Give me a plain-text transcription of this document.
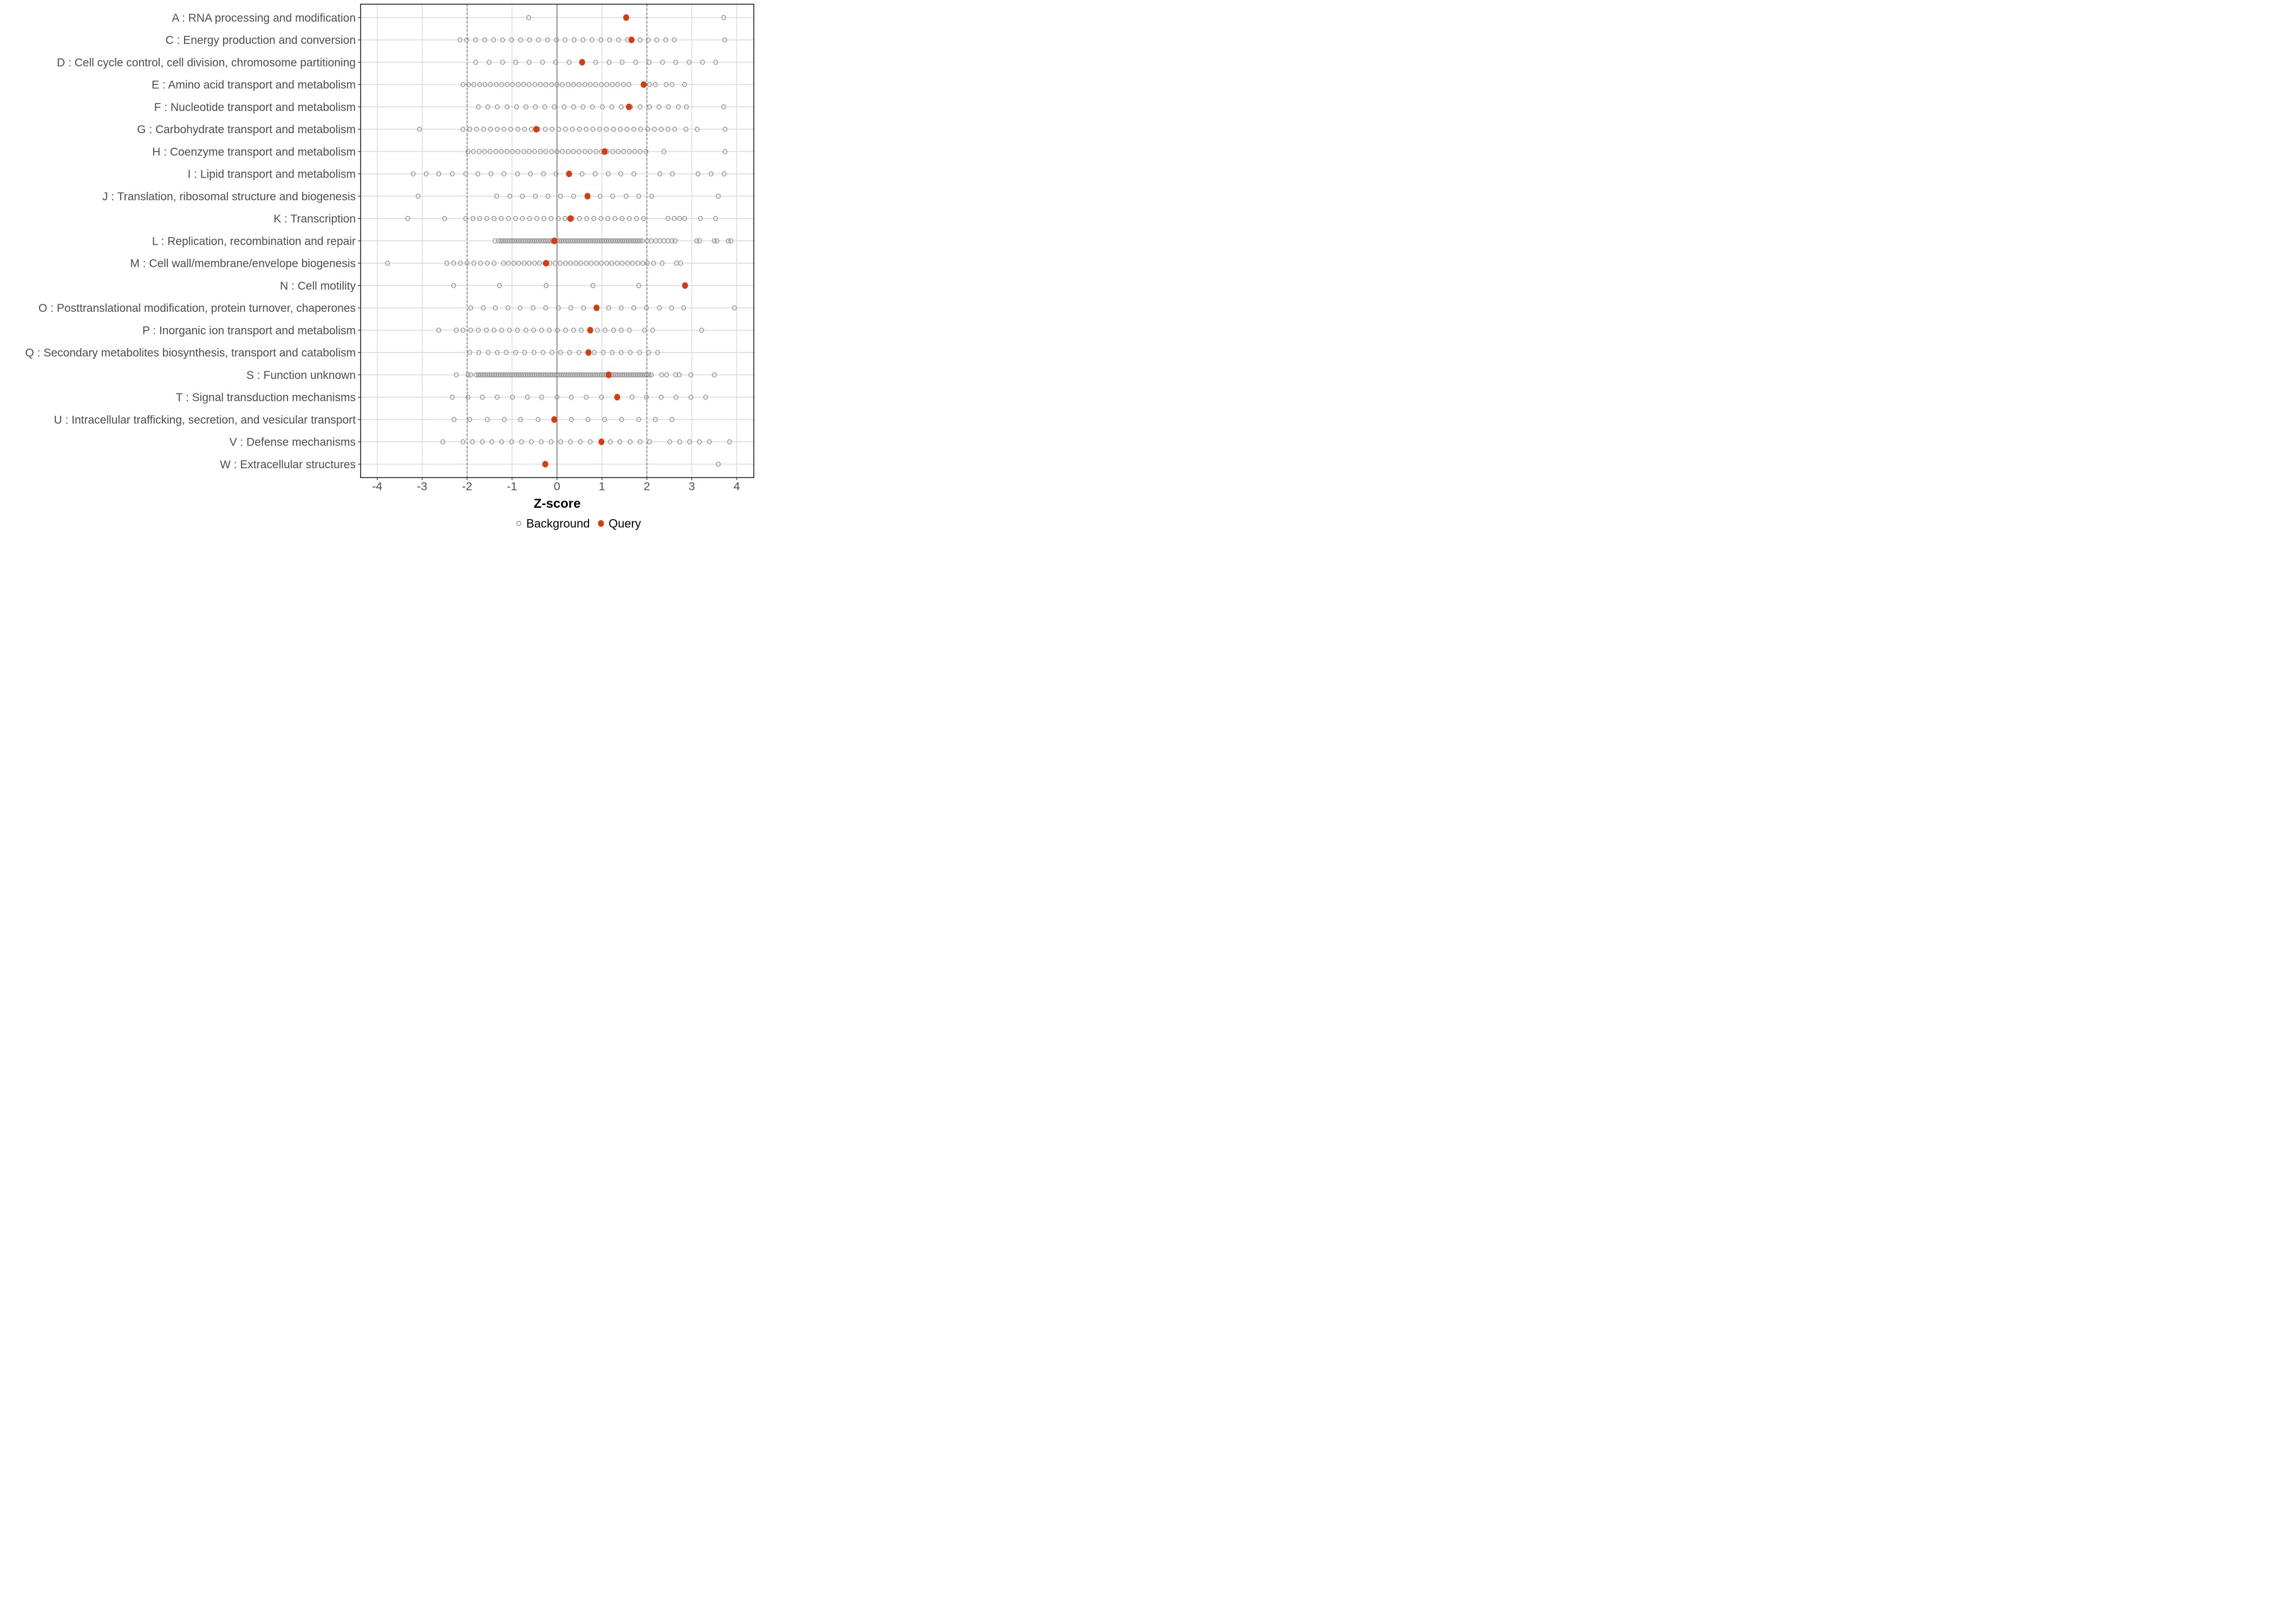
A : RNA processing and modification
C : Energy production and conversion
D : Cell cycle control, cell division, chromosome partitioning
E : Amino acid transport and metabolism
F : Nucleotide transport and metabolism
G : Carbohydrate transport and metabolism
H : Coenzyme transport and metabolism
I : Lipid transport and metabolism
J : Translation, ribosomal structure and biogenesis
K : Transcription
L : Replication, recombination and repair
M : Cell wall/membrane/envelope biogenesis
N : Cell motility
O : Posttranslational modification, protein turnover, chaperones
P : Inorganic ion transport and metabolism
Q : Secondary metabolites biosynthesis, transport and catabolism
S : Function unknown
T : Signal transduction mechanisms
U : Intracellular trafficking, secretion, and vesicular transport
V : Defense mechanisms
W : Extracellular structures
-4	-3	-2	-1	0	1	2	3	4
Z-score
Background Query
